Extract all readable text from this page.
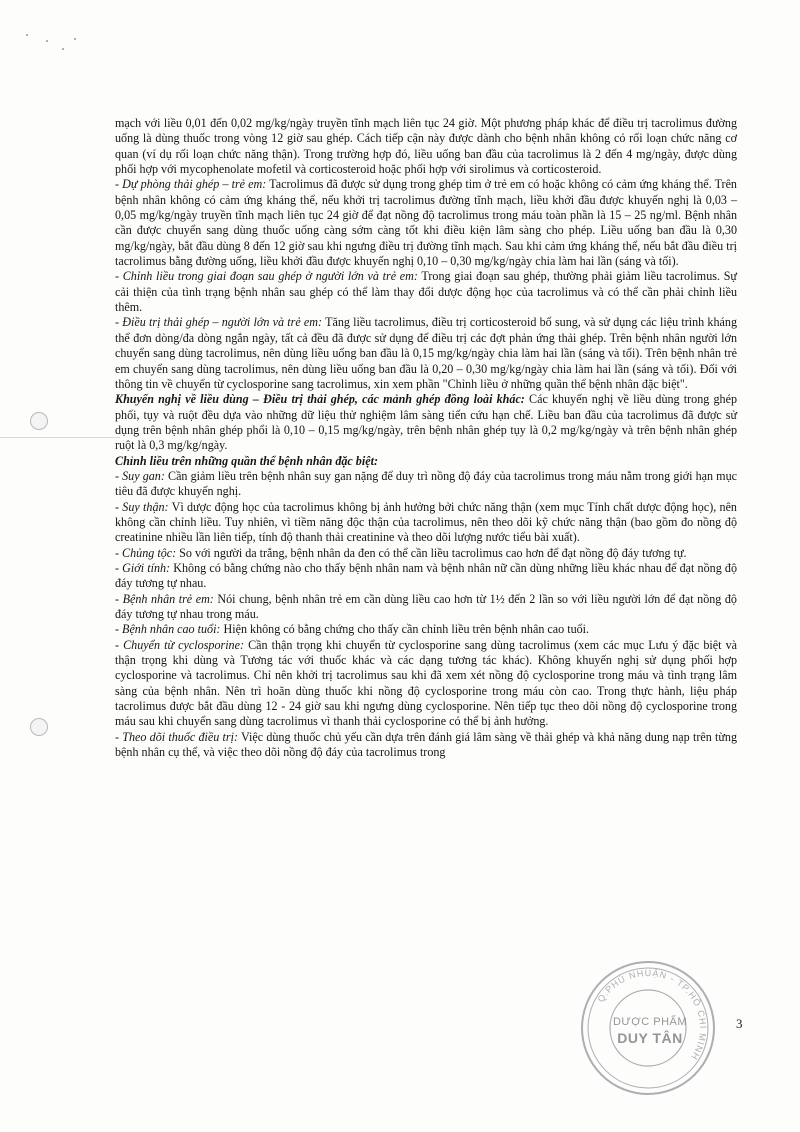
mạch với liều 0,01 đến 0,02 mg/kg/ngày truyền tĩnh mạch liên tục 24 giờ. Một phương pháp khác để điều trị tacrolimus đường uống là dùng thuốc trong vòng 12 giờ sau ghép. Cách tiếp cận này được dành cho bệnh nhân không có rối loạn chức năng cơ quan (ví dụ rối loạn chức năng thận). Trong trường hợp đó, liều uống ban đầu của tacrolimus là 2 đến 4 mg/ngày, được dùng phối hợp với mycophenolate mofetil và corticosteroid hoặc phối hợp với sirolimus và corticosteroid.

- Dự phòng thải ghép – trẻ em: Tacrolimus đã được sử dụng trong ghép tim ở trẻ em có hoặc không có cảm ứng kháng thể. Trên bệnh nhân không có cảm ứng kháng thể, nếu khởi trị tacrolimus đường tĩnh mạch, liều khởi đầu được khuyến nghị là 0,03 – 0,05 mg/kg/ngày truyền tĩnh mạch liên tục 24 giờ để đạt nồng độ tacrolimus trong máu toàn phần là 15 – 25 ng/ml. Bệnh nhân cần được chuyển sang dùng thuốc uống càng sớm càng tốt khi điều kiện lâm sàng cho phép. Liều uống ban đầu là 0,30 mg/kg/ngày, bắt đầu dùng 8 đến 12 giờ sau khi ngưng điều trị đường tĩnh mạch. Sau khi cảm ứng kháng thể, nếu bắt đầu điều trị tacrolimus bằng đường uống, liều khởi đầu được khuyến nghị 0,10 – 0,30 mg/kg/ngày chia làm hai lần (sáng và tối).

- Chỉnh liều trong giai đoạn sau ghép ở người lớn và trẻ em: Trong giai đoạn sau ghép, thường phải giảm liều tacrolimus. Sự cải thiện của tình trạng bệnh nhân sau ghép có thể làm thay đổi dược động học của tacrolimus và có thể cần phải chỉnh liều thêm.

- Điều trị thải ghép – người lớn và trẻ em: Tăng liều tacrolimus, điều trị corticosteroid bổ sung, và sử dụng các liệu trình kháng thể đơn dòng/đa dòng ngắn ngày, tất cả đều đã được sử dụng để điều trị các đợt phản ứng thải ghép. Trên bệnh nhân người lớn chuyển sang dùng tacrolimus, nên dùng liều uống ban đầu là 0,15 mg/kg/ngày chia làm hai lần (sáng và tối). Trên bệnh nhân trẻ em chuyển sang dùng tacrolimus, nên dùng liều uống ban đầu là 0,20 – 0,30 mg/kg/ngày chia làm hai lần (sáng và tối). Đối với thông tin về chuyển từ cyclosporine sang tacrolimus, xin xem phần "Chỉnh liều ở những quần thể bệnh nhân đặc biệt".

Khuyến nghị về liều dùng – Điều trị thải ghép, các mảnh ghép đồng loài khác: Các khuyến nghị về liều dùng trong ghép phổi, tụy và ruột đều dựa vào những dữ liệu thử nghiệm lâm sàng tiến cứu hạn chế. Liều ban đầu của tacrolimus đã được sử dụng trên bệnh nhân ghép phổi là 0,10 – 0,15 mg/kg/ngày, trên bệnh nhân ghép tụy là 0,2 mg/kg/ngày và trên bệnh nhân ghép ruột là 0,3 mg/kg/ngày.

Chỉnh liều trên những quần thể bệnh nhân đặc biệt:

- Suy gan: Cần giảm liều trên bệnh nhân suy gan nặng để duy trì nồng độ đáy của tacrolimus trong máu nằm trong giới hạn mục tiêu đã được khuyến nghị.

- Suy thận: Vì dược động học của tacrolimus không bị ảnh hưởng bởi chức năng thận (xem mục Tính chất dược động học), nên không cần chỉnh liều. Tuy nhiên, vì tiềm năng độc thận của tacrolimus, nên theo dõi kỹ chức năng thận (bao gồm đo nồng độ creatinine nhiều lần liên tiếp, tính độ thanh thải creatinine và theo dõi lượng nước tiểu bài xuất).

- Chủng tộc: So với người da trắng, bệnh nhân da đen có thể cần liều tacrolimus cao hơn để đạt nồng độ đáy tương tự.

- Giới tính: Không có bằng chứng nào cho thấy bệnh nhân nam và bệnh nhân nữ cần dùng những liều khác nhau để đạt nồng độ đáy tương tự nhau.

- Bệnh nhân trẻ em: Nói chung, bệnh nhân trẻ em cần dùng liều cao hơn từ 1½ đến 2 lần so với liều người lớn để đạt nồng độ đáy tương tự nhau trong máu.

- Bệnh nhân cao tuổi: Hiện không có bằng chứng cho thấy cần chỉnh liều trên bệnh nhân cao tuổi.

- Chuyển từ cyclosporine: Cần thận trọng khi chuyển từ cyclosporine sang dùng tacrolimus (xem các mục Lưu ý đặc biệt và thận trọng khi dùng và Tương tác với thuốc khác và các dạng tương tác khác). Không khuyến nghị sử dụng phối hợp cyclosporine và tacrolimus. Chỉ nên khởi trị tacrolimus sau khi đã xem xét nồng độ cyclosporine trong máu và tình trạng lâm sàng của bệnh nhân. Nên trì hoãn dùng thuốc khi nồng độ cyclosporine trong máu còn cao. Trong thực hành, liệu pháp tacrolimus được bắt đầu dùng 12 - 24 giờ sau khi ngưng dùng cyclosporine. Nên tiếp tục theo dõi nồng độ cyclosporine trong máu sau khi chuyển sang dùng tacrolimus vì thanh thải cyclosporine có thể bị ảnh hưởng.

- Theo dõi thuốc điều trị: Việc dùng thuốc chủ yếu cần dựa trên đánh giá lâm sàng về thải ghép và khả năng dung nạp trên từng bệnh nhân cụ thể, và việc theo dõi nồng độ đáy của tacrolimus trong

Q.PHÚ NHUẬN - TP.HỒ CHÍ MINH
DƯỢC PHẨM
DUY TÂN
3
